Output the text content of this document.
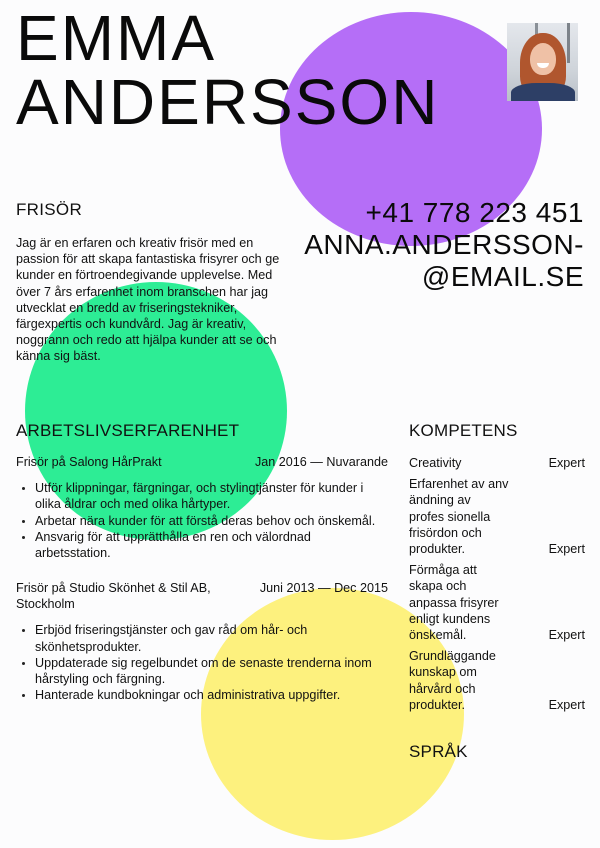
EMMA
ANDERSSON
FRISÖR
Jag är en erfaren och kreativ frisör med en passion för att skapa fantastiska frisyrer och ge kunder en förtroendegivande upplevelse. Med över 7 års erfarenhet inom branschen har jag utvecklat en bredd av friseringstekniker, färgexpertis och kundvård. Jag är kreativ, noggrann och redo att hjälpa kunder att se och känna sig bäst.
+41 778 223 451
ANNA.ANDERSSON-
@EMAIL.SE
ARBETSLIVSERFARENHET
Frisör på Salong HårPrakt	Jan 2016 — Nuvarande
Utför klippningar, färgningar, och stylingtjänster för kunder i olika åldrar och med olika hårtyper.
Arbetar nära kunder för att förstå deras behov och önskemål.
Ansvarig för att upprätthålla en ren och välordnad arbetsstation.
Frisör på Studio Skönhet & Stil AB, Stockholm
Juni 2013 — Dec 2015
Erbjöd friseringstjänster och gav råd om hår- och skönhetsprodukter.
Uppdaterade sig regelbundet om de senaste trenderna inom hårstyling och färgning.
Hanterade kundbokningar och administrativa uppgifter.
KOMPETENS
Creativity	Expert
Erfarenhet av anv ändning av profes sionella frisördon och produkter.	Expert
Förmåga att skapa och anpassa frisyrer enligt kundens önskemål.	Expert
Grundläggande kunskap om hårvård och produkter.	Expert
SPRÅK
